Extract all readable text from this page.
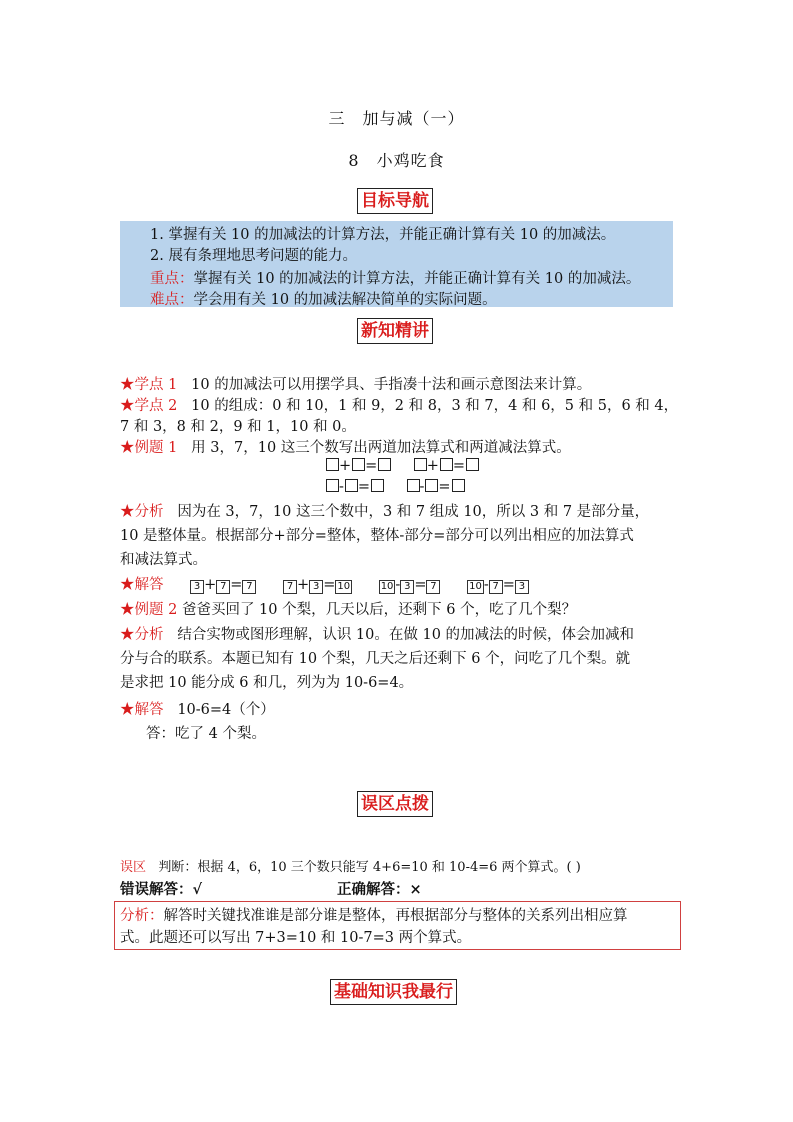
三　加与减（一）
8　小鸡吃食
目标导航
1. 掌握有关 10 的加减法的计算方法，并能正确计算有关 10 的加减法。
2. 展有条理地思考问题的能力。
重点：掌握有关 10 的加减法的计算方法，并能正确计算有关 10 的加减法。
难点：学会用有关 10 的加减法解决简单的实际问题。
新知精讲
★学点 1 10 的加减法可以用摆学具、手指凑十法和画示意图法来计算。
★学点 2 10 的组成：0 和 10，1 和 9，2 和 8，3 和 7，4 和 6，5 和 5，6 和 4，
7 和 3，8 和 2，9 和 1，10 和 0。
★例题 1 用 3，7，10 这三个数写出两道加法算式和两道减法算式。
+ =	+ =
- =	- =
★分析 因为在 3，7，10 这三个数中，3 和 7 组成 10，所以 3 和 7 是部分量，
10 是整体量。根据部分+部分=整体，整体-部分=部分可以列出相应的加法算式
和减法算式。
★解答	3 + 7 = 7	7 + 3 = 10	10 - 3 = 7	10 - 7 = 3
★例题 2 爸爸买回了 10 个梨，几天以后，还剩下 6 个，吃了几个梨？
★分析 结合实物或图形理解，认识 10。在做 10 的加减法的时候，体会加减和
分与合的联系。本题已知有 10 个梨，几天之后还剩下 6 个，问吃了几个梨。就
是求把 10 能分成 6 和几，列为为 10-6=4。
★解答 10-6=4（个）
答：吃了 4 个梨。
误区点拨
误区 判断：根据 4，6，10 三个数只能写 4+6=10 和 10-4=6 两个算式。( )
错误解答：√	正确解答：×
分析：解答时关键找准谁是部分谁是整体，再根据部分与整体的关系列出相应算
式。此题还可以写出 7+3=10 和 10-7=3 两个算式。
基础知识我最行
